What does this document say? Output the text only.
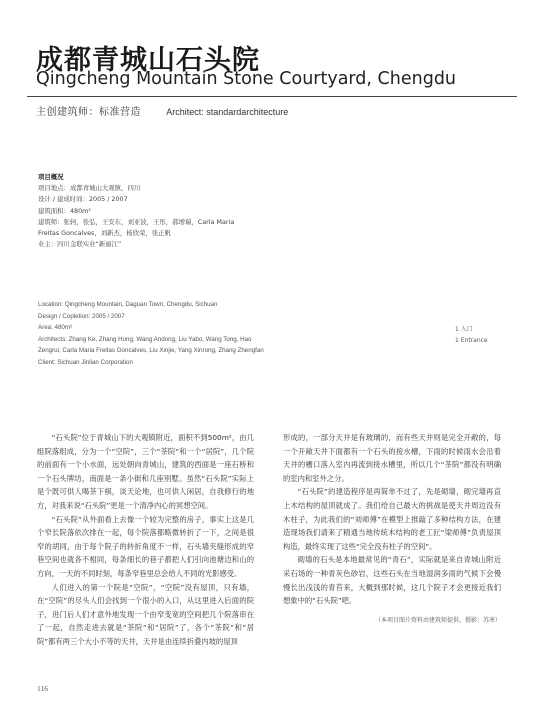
成都青城山石头院
Qingcheng Mountain Stone Courtyard, Chengdu
主创建筑师：标准营造	Architect: standardarchitecture
项目概况
项目地点：成都青城山大观镇，四川
设计 / 建成时间：2005 / 2007
建筑面积：480m²
建筑师：张轲，张弘，王安东，刘亚波，王彤，郝增瑞，Carla Maria
Freitas Goncalves，刘新杰，杨欣荣，张正帆
业主：四川金联实业“新丽江”
Location: Qingcheng Mountain, Daguan Town, Chengdu, Sichuan
Design / Copletion: 2005 / 2007
Area: 480m²
Architects: Zhang Ke, Zhang Hong, Wang Andong, Liu Yabo, Wang Tong, Hao
Zengrui, Carla Maria Freitas Goncalves, Liu Xinjie, Yang Xinrong, Zhang Zhengfan
Client: Sichuan Jinlian Corporation
1 入口
1 Entrance

“石头院”位于青城山下的大观镇附近，面积不到500m²，由几组院落组成，分为一个“空院”，三个“茶院”和一个“居院”，几个院的前面有一个小水面，远处朝向青城山，建筑的西面是一座石桥和一个石头牌坊，南面是一条小街和几座别墅。虽然“石头院”实际上是个既可供人喝茶下棋，谈天论地，也可供人闲居，自我修行的地方，对我来说“石头院”更是一个清净内心的冥想空间。

“石头院”从外面看上去像一个较为完整的房子，事实上这是几个窄长院落依次排在一起，每个院落都略微转折了一下，之间是很窄的胡同，由于每个院子的转折角度不一样，石头墙夹缝形成的窄巷空间也就各不相同，每条细长的巷子都把人们引向池塘边和山的方向，一天的不同时刻，每条窄巷里总会给人不同的光影感受。

人们进入的第一个院是“空院”，“空院”没有屋顶，只有墙，在“空院”的尽头人们会找到一个很小的入口，从这里进入后面的院子，进门后人们才意外地发现一个由窄变宽的空间把几个院落串在了一起，自然走进去就是“茶院”和“居院”了，各个“茶院”和“居院”都有两三个大小不等的天井，天井是由连续折叠内坡的屋顶

形成的，一部分天井是有玻璃的，而有些天井则是完全开敞的，每一个开敞天井下面都有一个石头的接水槽，下雨的时候雨水会沿着天井的槽口落入室内再流到接水槽里，所以几个“茶院”都没有明确的室内和室外之分。

“石头院”的建造程序是再简单不过了，先是砌墙，砌完墙再直上木结构的屋顶就成了。我们给自己最大的挑战是使天井周边没有木柱子，为此我们的“刘师傅”在模型上推敲了多种结构方法，在建造现场我们请来了精通当地传统木结构的老工匠“梁师傅”负责屋顶构造，最终实现了这些“完全没有柱子的空间”。

砌墙的石头是本地最常见的“青石”，实际就是来自青城山附近采石场的一种青灰色砂岩，这些石头在当地湿润多雨的气候下会慢慢长出浅浅的青苔来，大概到那时候，这几个院子才会更接近我们想象中的“石头院”吧。

（本项目图片资料由建筑师提供，摄影：苏寒）

116
